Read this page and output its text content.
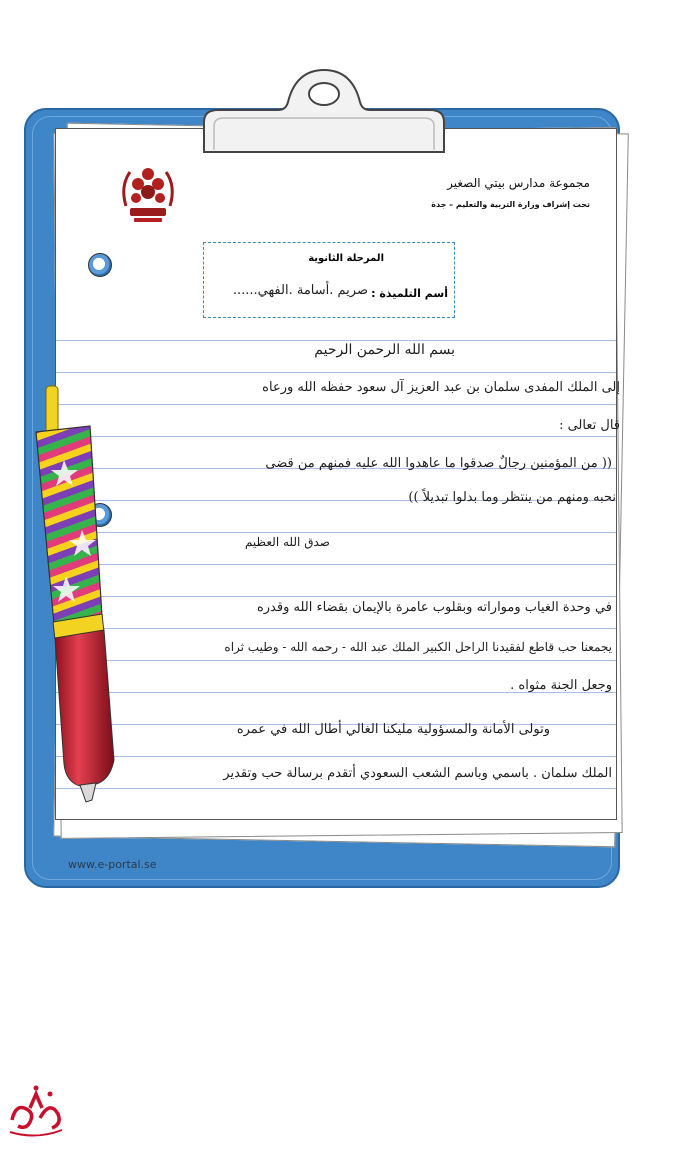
مجموعة مدارس بيتي الصغير
تحت إشراف وزارة التربية والتعليم – جدة
المرحلة الثانوية
أسم التلميذة :
صريم .أسامة .الفهي......
بسم الله الرحمن الرحيم
إلى الملك المفدى سلمان بن عبد العزيز آل سعود حفظه الله ورعاه
قال تعالى :
(( من المؤمنين رجالٌ صدقوا ما عاهدوا الله عليه فمنهم من قضى
نحبه ومنهم من ينتظر وما بدلوا تبديلاً ))
صدق الله العظيم
في وحدة الغياب ومواراته وبقلوب عامرة بالإيمان بقضاء الله وقدره
يجمعنا حب قاطع لفقيدنا الراحل الكبير الملك عبد الله - رحمه الله - وطيب ثراه
وجعل الجنة مثواه .
وتولى الأمانة والمسؤولية مليكنا الغالي أطال الله في عمره
الملك سلمان . باسمي وباسم الشعب السعودي أتقدم برسالة حب وتقدير
www.e-portal.se
